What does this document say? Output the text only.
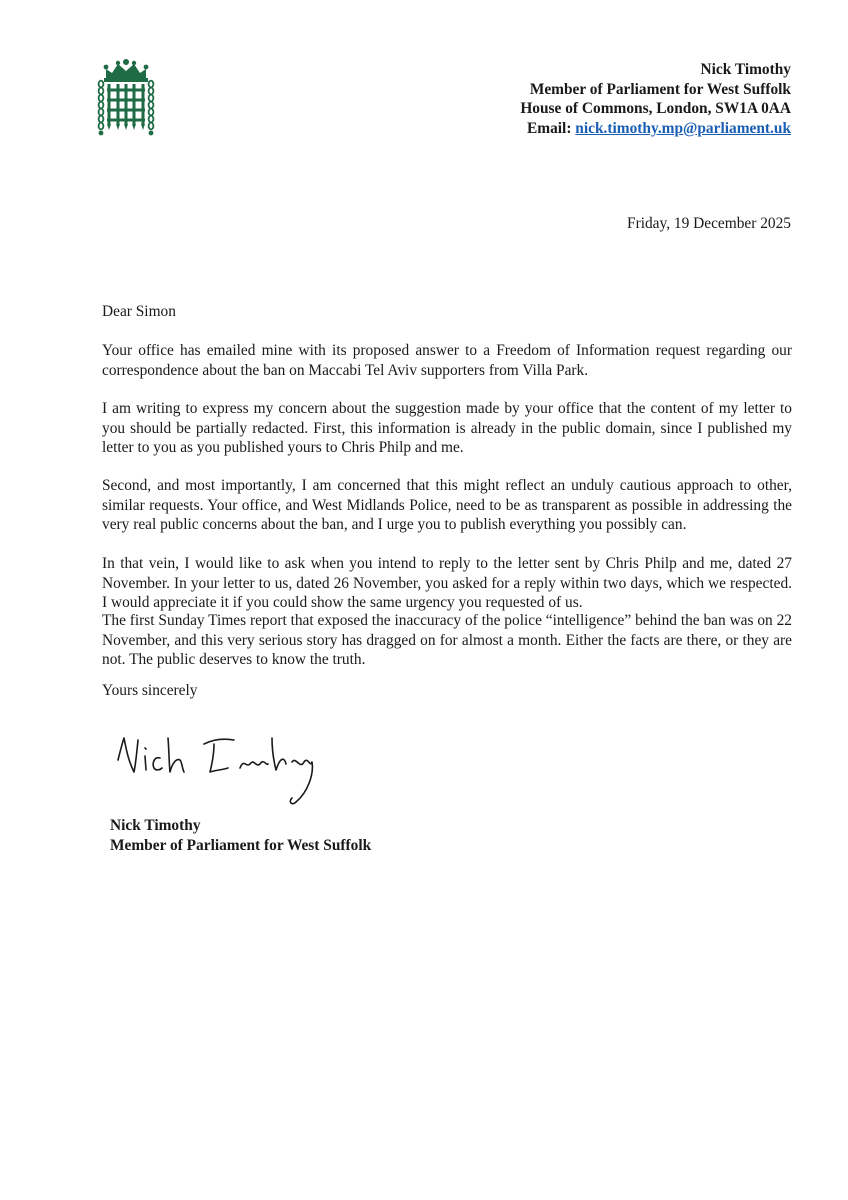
Nick Timothy
Member of Parliament for West Suffolk
House of Commons, London, SW1A 0AA
Email: nick.timothy.mp@parliament.uk
Friday, 19 December 2025
Dear Simon

Your office has emailed mine with its proposed answer to a Freedom of Information request regarding our correspondence about the ban on Maccabi Tel Aviv supporters from Villa Park.

I am writing to express my concern about the suggestion made by your office that the content of my letter to you should be partially redacted. First, this information is already in the public domain, since I published my letter to you as you published yours to Chris Philp and me.

Second, and most importantly, I am concerned that this might reflect an unduly cautious approach to other, similar requests. Your office, and West Midlands Police, need to be as transparent as possible in addressing the very real public concerns about the ban, and I urge you to publish everything you possibly can.

In that vein, I would like to ask when you intend to reply to the letter sent by Chris Philp and me, dated 27 November. In your letter to us, dated 26 November, you asked for a reply within two days, which we respected. I would appreciate it if you could show the same urgency you requested of us.

The first Sunday Times report that exposed the inaccuracy of the police “intelligence” behind the ban was on 22 November, and this very serious story has dragged on for almost a month. Either the facts are there, or they are not. The public deserves to know the truth.

Yours sincerely
Nick Timothy
Member of Parliament for West Suffolk
